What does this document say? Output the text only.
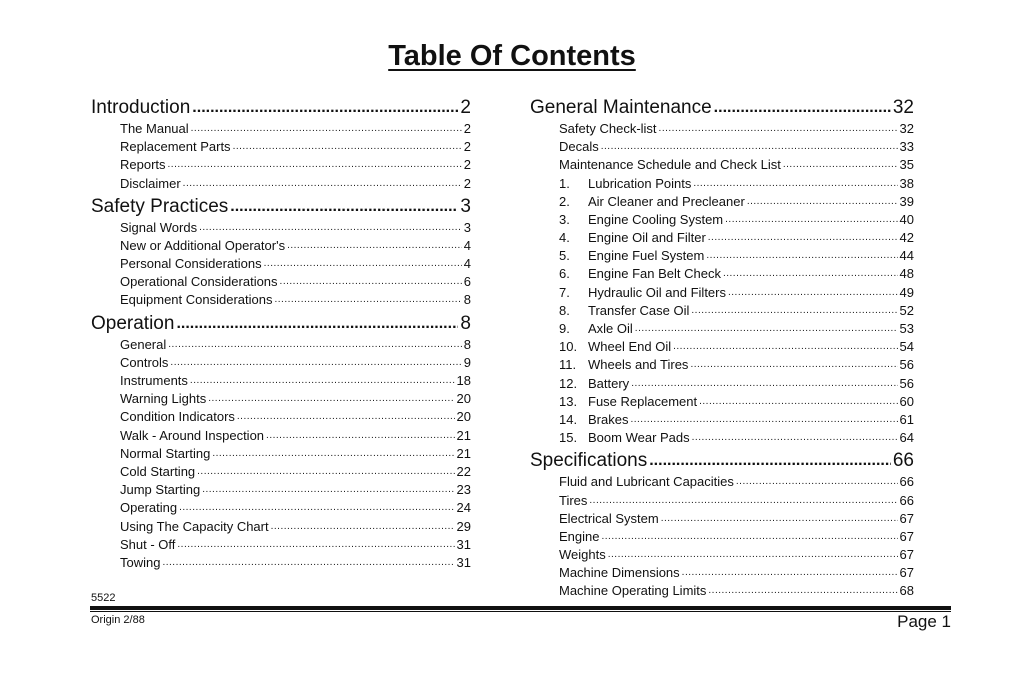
Table Of Contents
Introduction .....	2
The Manual .....	2
Replacement Parts .....	2
Reports .....	2
Disclaimer .....	2
Safety Practices .....	3
Signal Words .....	3
New or Additional Operator's .....	4
Personal Considerations .....	4
Operational Considerations .....	6
Equipment Considerations .....	8
Operation .....	8
General .....	8
Controls .....	9
Instruments .....	18
Warning Lights .....	20
Condition Indicators .....	20
Walk - Around Inspection .....	21
Normal Starting .....	21
Cold Starting .....	22
Jump Starting .....	23
Operating .....	24
Using The Capacity Chart .....	29
Shut - Off .....	31
Towing .....	31
General Maintenance .....	32
Safety Check-list .....	32
Decals .....	33
Maintenance Schedule and Check List .....	35
1. Lubrication Points .....	38
2. Air Cleaner and Precleaner .....	39
3. Engine Cooling System .....	40
4. Engine Oil and Filter .....	42
5. Engine Fuel System .....	44
6. Engine Fan Belt Check .....	48
7. Hydraulic Oil and Filters .....	49
8. Transfer Case Oil .....	52
9. Axle Oil .....	53
10. Wheel End Oil .....	54
11. Wheels and Tires .....	56
12. Battery .....	56
13. Fuse Replacement .....	60
14. Brakes .....	61
15. Boom Wear Pads .....	64
Specifications .....	66
Fluid and Lubricant Capacities .....	66
Tires .....	66
Electrical System .....	67
Engine .....	67
Weights .....	67
Machine Dimensions .....	67
Machine Operating Limits .....	68
5522
Origin 2/88	Page 1
